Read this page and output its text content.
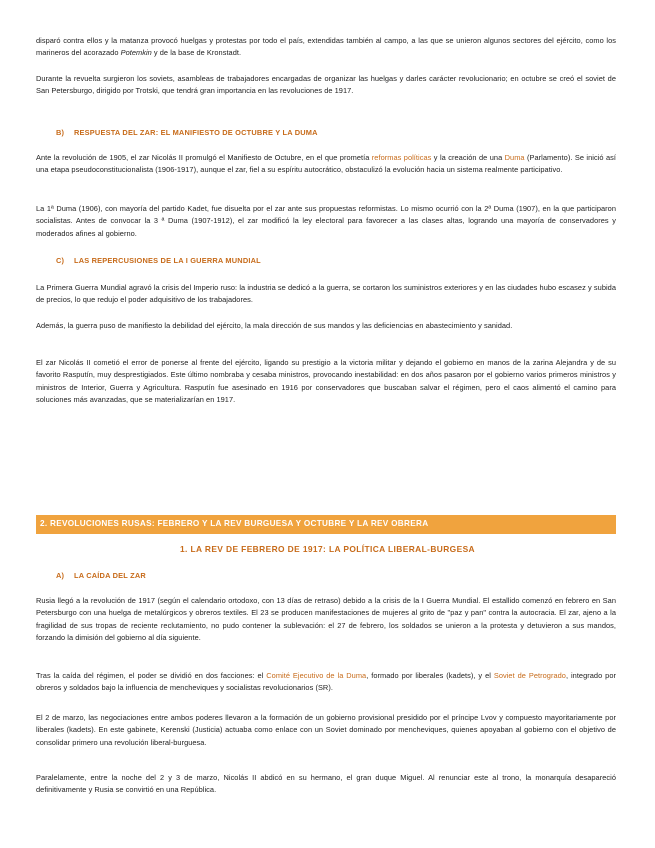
disparó contra ellos y la matanza provocó huelgas y protestas por todo el país, extendidas también al campo, a las que se unieron algunos sectores del ejército, como los marineros del acorazado Potemkin y de la base de Kronstadt.

Durante la revuelta surgieron los soviets, asambleas de trabajadores encargadas de organizar las huelgas y darles carácter revolucionario; en octubre se creó el soviet de San Petersburgo, dirigido por Trotski, que tendrá gran importancia en las revoluciones de 1917.

B) RESPUESTA DEL ZAR: EL MANIFIESTO DE OCTUBRE Y LA DUMA

Ante la revolución de 1905, el zar Nicolás II promulgó el Manifiesto de Octubre, en el que prometía reformas políticas y la creación de una Duma (Parlamento). Se inició así una etapa pseudoconstitucionalista (1906-1917), aunque el zar, fiel a su espíritu autocrático, obstaculizó la evolución hacia un sistema realmente participativo.

La 1ª Duma (1906), con mayoría del partido Kadet, fue disuelta por el zar ante sus propuestas reformistas. Lo mismo ocurrió con la 2ª Duma (1907), en la que participaron socialistas. Antes de convocar la 3 ª Duma (1907-1912), el zar modificó la ley electoral para favorecer a las clases altas, logrando una mayoría de conservadores y moderados afines al gobierno.

C) LAS REPERCUSIONES DE LA I GUERRA MUNDIAL

La Primera Guerra Mundial agravó la crisis del Imperio ruso: la industria se dedicó a la guerra, se cortaron los suministros exteriores y en las ciudades hubo escasez y subida de precios, lo que redujo el poder adquisitivo de los trabajadores.

Además, la guerra puso de manifiesto la debilidad del ejército, la mala dirección de sus mandos y las deficiencias en abastecimiento y sanidad.

El zar Nicolás II cometió el error de ponerse al frente del ejército, ligando su prestigio a la victoria militar y dejando el gobierno en manos de la zarina Alejandra y de su favorito Rasputín, muy desprestigiados. Este último nombraba y cesaba ministros, provocando inestabilidad: en dos años pasaron por el gobierno varios primeros ministros y ministros de Interior, Guerra y Agricultura. Rasputín fue asesinado en 1916 por conservadores que buscaban salvar el régimen, pero el caos alimentó el camino para soluciones más avanzadas, que se materializarían en 1917.

2. REVOLUCIONES RUSAS: FEBRERO Y LA REV BURGUESA Y OCTUBRE Y LA REV OBRERA
1. LA REV DE FEBRERO DE 1917: LA POLÍTICA LIBERAL-BURGESA

A) LA CAÍDA DEL ZAR

Rusia llegó a la revolución de 1917 (según el calendario ortodoxo, con 13 días de retraso) debido a la crisis de la I Guerra Mundial. El estallido comenzó en febrero en San Petersburgo con una huelga de metalúrgicos y obreros textiles. El 23 se producen manifestaciones de mujeres al grito de "paz y pan" contra la autocracia. El zar, ajeno a la fragilidad de sus tropas de reciente reclutamiento, no pudo contener la sublevación: el 27 de febrero, los soldados se unieron a la protesta y detuvieron a sus mandos, forzando la dimisión del gobierno al día siguiente.

Tras la caída del régimen, el poder se dividió en dos facciones: el Comité Ejecutivo de la Duma, formado por liberales (kadets), y el Soviet de Petrogrado, integrado por obreros y soldados bajo la influencia de mencheviques y socialistas revolucionarios (SR).

El 2 de marzo, las negociaciones entre ambos poderes llevaron a la formación de un gobierno provisional presidido por el príncipe Lvov y compuesto mayoritariamente por liberales (kadets). En este gabinete, Kerenski (Justicia) actuaba como enlace con un Soviet dominado por mencheviques, quienes apoyaban al gobierno con el objetivo de consolidar primero una revolución liberal-burguesa.

Paralelamente, entre la noche del 2 y 3 de marzo, Nicolás II abdicó en su hermano, el gran duque Miguel. Al renunciar este al trono, la monarquía desapareció definitivamente y Rusia se convirtió en una República.
